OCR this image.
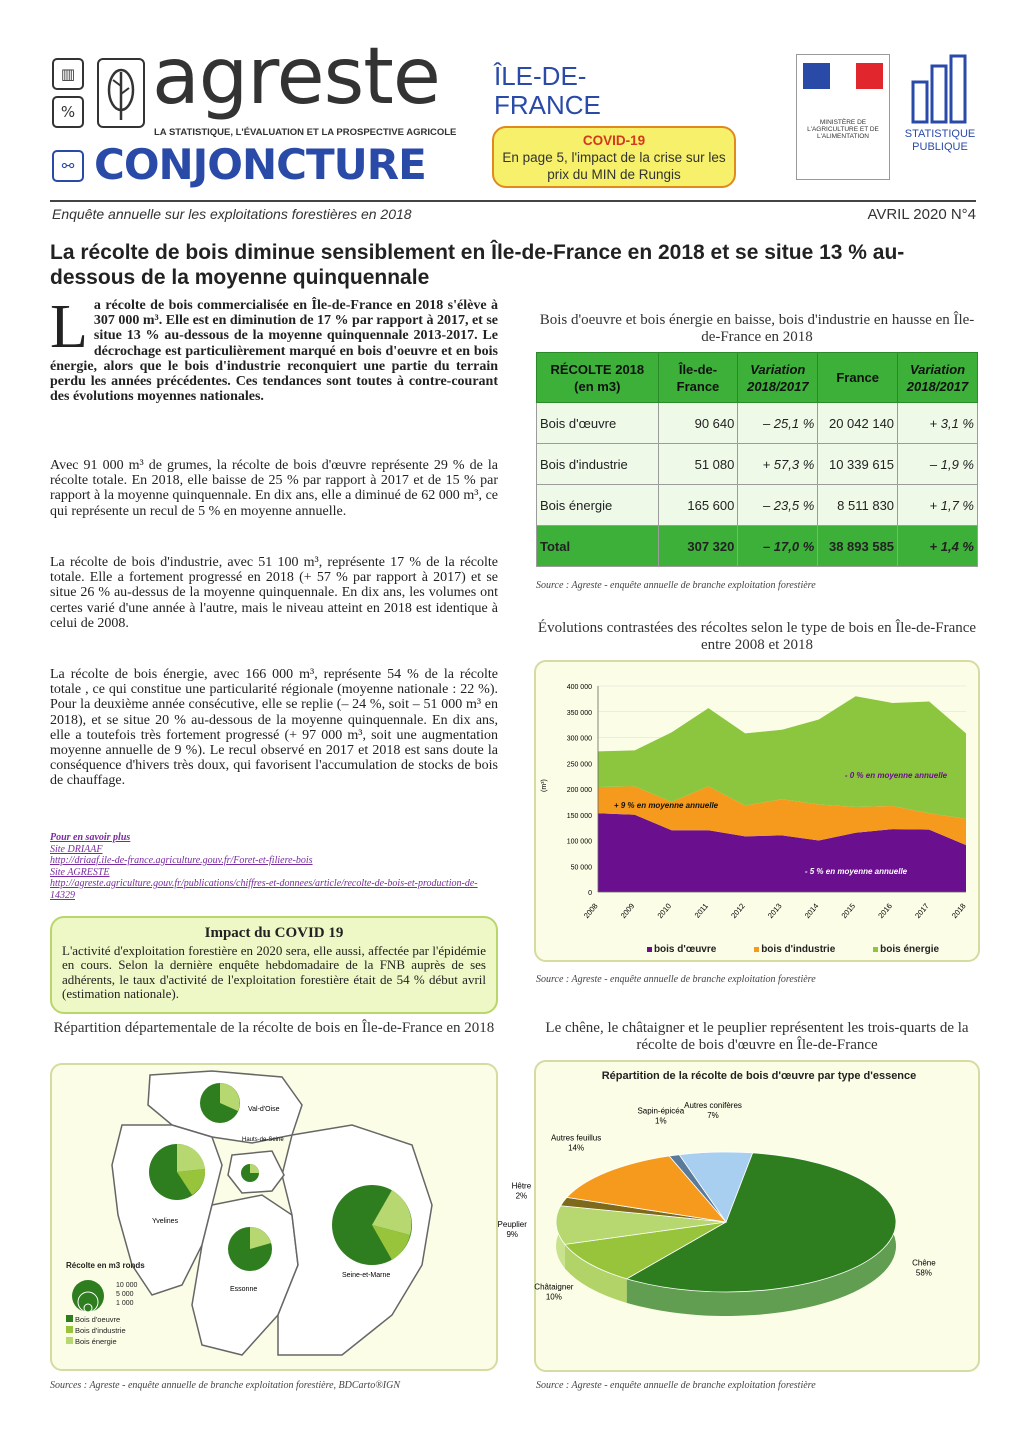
▥
% agreste
LA STATISTIQUE, L'ÉVALUATION ET LA PROSPECTIVE AGRICOLE
⚯ CONJONCTURE
ÎLE-DE-FRANCE
COVID-19
En page 5, l'impact de la crise sur les prix du MIN de Rungis
MINISTÈRE DE L'AGRICULTURE ET DE L'ALIMENTATION	STATISTIQUE PUBLIQUE
Enquête annuelle sur les exploitations forestières en 2018	AVRIL 2020 N°4
La récolte de bois diminue sensiblement en Île-de-France en 2018 et se situe 13 % au-dessous de la moyenne quinquennale
La récolte de bois commercialisée en Île-de-France en 2018 s'élève à 307 000 m³. Elle est en diminution de 17 % par rapport à 2017, et se situe 13 % au-dessous de la moyenne quinquennale 2013-2017. Le décrochage est particulièrement marqué en bois d'oeuvre et en bois énergie, alors que le bois d'industrie reconquiert une partie du terrain perdu les années précédentes. Ces tendances sont toutes à contre-courant des évolutions moyennes nationales.
Avec 91 000 m³ de grumes, la récolte de bois d'œuvre représente 29 % de la récolte totale. En 2018, elle baisse de 25 % par rapport à 2017 et de 15 % par rapport à la moyenne quinquennale. En dix ans, elle a diminué de 62 000 m³, ce qui représente un recul de 5 % en moyenne annuelle.
La récolte de bois d'industrie, avec 51 100 m³, représente 17 % de la récolte totale. Elle a fortement progressé en 2018 (+ 57 % par rapport à 2017) et se situe 26 % au-dessus de la moyenne quinquennale. En dix ans, les volumes ont certes varié d'une année à l'autre, mais le niveau atteint en 2018 est identique à celui de 2008.
La récolte de bois énergie, avec 166 000 m³, représente 54 % de la récolte totale , ce qui constitue une particularité régionale (moyenne nationale : 22 %). Pour la deuxième année consécutive, elle se replie (– 24 %, soit – 51 000 m³ en 2018), et se situe 20 % au-dessous de la moyenne quinquennale. En dix ans, elle a toutefois très fortement progressé (+ 97 000 m³, soit une augmentation moyenne annuelle de 9 %). Le recul observé en 2017 et 2018 est sans doute la conséquence d'hivers très doux, qui favorisent l'accumulation de stocks de bois de chauffage.
Pour en savoir plus
Site DRIAAF
http://driaaf.ile-de-france.agriculture.gouv.fr/Foret-et-filiere-bois
Site AGRESTE
http://agreste.agriculture.gouv.fr/publications/chiffres-et-donnees/article/recolte-de-bois-et-production-de-14329
Impact du COVID 19
L'activité d'exploitation forestière en 2020 sera, elle aussi, affectée par l'épidémie en cours. Selon la dernière enquête hebdomadaire de la FNB auprès de ses adhérents, le taux d'activité de l'exploitation forestière était de 54 % début avril (estimation nationale).
Répartition départementale de la récolte de bois en Île-de-France en 2018
Val-d'Oise
Yvelines
Essonne
Seine-et-Marne
Hauts-de-Seine
Récolte en m3 ronds
10 000
5 000
1 000
Bois d'oeuvre
Bois d'industrie
Bois énergie
Sources : Agreste - enquête annuelle de branche exploitation forestière, BDCarto®IGN
Bois d'oeuvre et bois énergie en baisse, bois d'industrie en hausse en Île-de-France en 2018
RÉCOLTE 2018 (en m3)	Île-de-France	Variation 2018/2017	France	Variation 2018/2017
Bois d'œuvre	90 640	– 25,1 %	20 042 140	+ 3,1 %
Bois d'industrie	51 080	+ 57,3 %	10 339 615	– 1,9 %
Bois énergie	165 600	– 23,5 %	8 511 830	+ 1,7 %
Total	307 320	– 17,0 %	38 893 585	+ 1,4 %
Source : Agreste - enquête annuelle de branche exploitation forestière
Évolutions contrastées des récoltes selon le type de bois en Île-de-France entre 2008 et 2018
0
50 000
100 000
150 000
200 000
250 000
300 000
350 000
400 000
(m³)
2008	2009	2010	2011	2012	2013	2014	2015	2016	2017	2018
- 0 % en moyenne annuelle
+ 9 % en moyenne annuelle
- 5 % en moyenne annuelle
bois d'œuvre	bois d'industrie	bois énergie
Source : Agreste - enquête annuelle de branche exploitation forestière
Le chêne, le châtaigner et le peuplier représentent les trois-quarts de la récolte de bois d'œuvre en Île-de-France
Répartition de la récolte de bois d'œuvre par type d'essence
Chêne
58%
Châtaigner
10%
Peuplier
9%
Hêtre
2%
Autres feuillus
14%
Sapin-épicéa
1%
Autres conifères
7%
Source : Agreste - enquête annuelle de branche exploitation forestière
